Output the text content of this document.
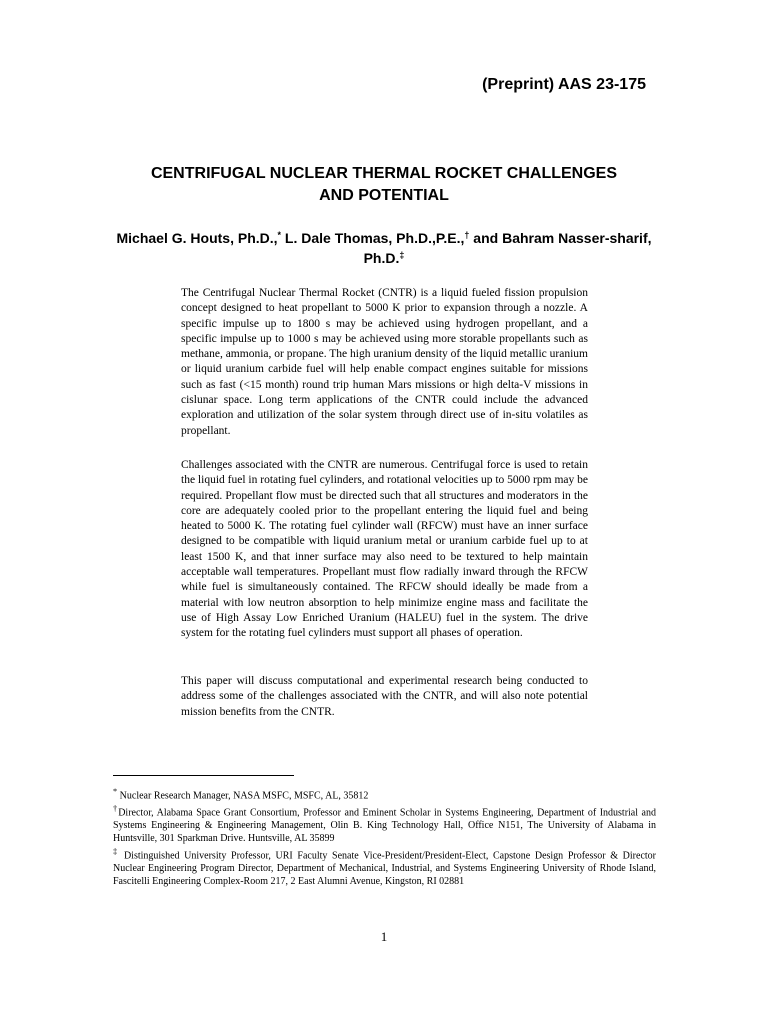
(Preprint) AAS 23-175
CENTRIFUGAL NUCLEAR THERMAL ROCKET CHALLENGES
AND POTENTIAL
Michael G. Houts, Ph.D.,* L. Dale Thomas, Ph.D.,P.E.,† and Bahram Nasser-sharif, Ph.D.‡

The Centrifugal Nuclear Thermal Rocket (CNTR) is a liquid fueled fission propulsion concept designed to heat propellant to 5000 K prior to expansion through a nozzle. A specific impulse up to 1800 s may be achieved using hydrogen propellant, and a specific impulse up to 1000 s may be achieved using more storable propellants such as methane, ammonia, or propane. The high uranium density of the liquid metallic uranium or liquid uranium carbide fuel will help enable compact engines suitable for missions such as fast (<15 month) round trip human Mars missions or high delta-V missions in cislunar space. Long term applications of the CNTR could include the advanced exploration and utilization of the solar system through direct use of in-situ volatiles as propellant.

Challenges associated with the CNTR are numerous. Centrifugal force is used to retain the liquid fuel in rotating fuel cylinders, and rotational velocities up to 5000 rpm may be required. Propellant flow must be directed such that all structures and moderators in the core are adequately cooled prior to the propellant entering the liquid fuel and being heated to 5000 K. The rotating fuel cylinder wall (RFCW) must have an inner surface designed to be compatible with liquid uranium metal or uranium carbide fuel up to at least 1500 K, and that inner surface may also need to be textured to help maintain acceptable wall temperatures. Propellant must flow radially inward through the RFCW while fuel is simultaneously contained. The RFCW should ideally be made from a material with low neutron absorption to help minimize engine mass and facilitate the use of High Assay Low Enriched Uranium (HALEU) fuel in the system. The drive system for the rotating fuel cylinders must support all phases of operation.

This paper will discuss computational and experimental research being conducted to address some of the challenges associated with the CNTR, and will also note potential mission benefits from the CNTR.

* Nuclear Research Manager, NASA MSFC, MSFC, AL, 35812

†Director, Alabama Space Grant Consortium, Professor and Eminent Scholar in Systems Engineering, Department of Industrial and Systems Engineering & Engineering Management, Olin B. King Technology Hall, Office N151, The University of Alabama in Huntsville, 301 Sparkman Drive. Huntsville, AL 35899

‡ Distinguished University Professor, URI Faculty Senate Vice-President/President-Elect, Capstone Design Professor & Director Nuclear Engineering Program Director, Department of Mechanical, Industrial, and Systems Engineering University of Rhode Island, Fascitelli Engineering Complex-Room 217, 2 East Alumni Avenue, Kingston, RI 02881

1
